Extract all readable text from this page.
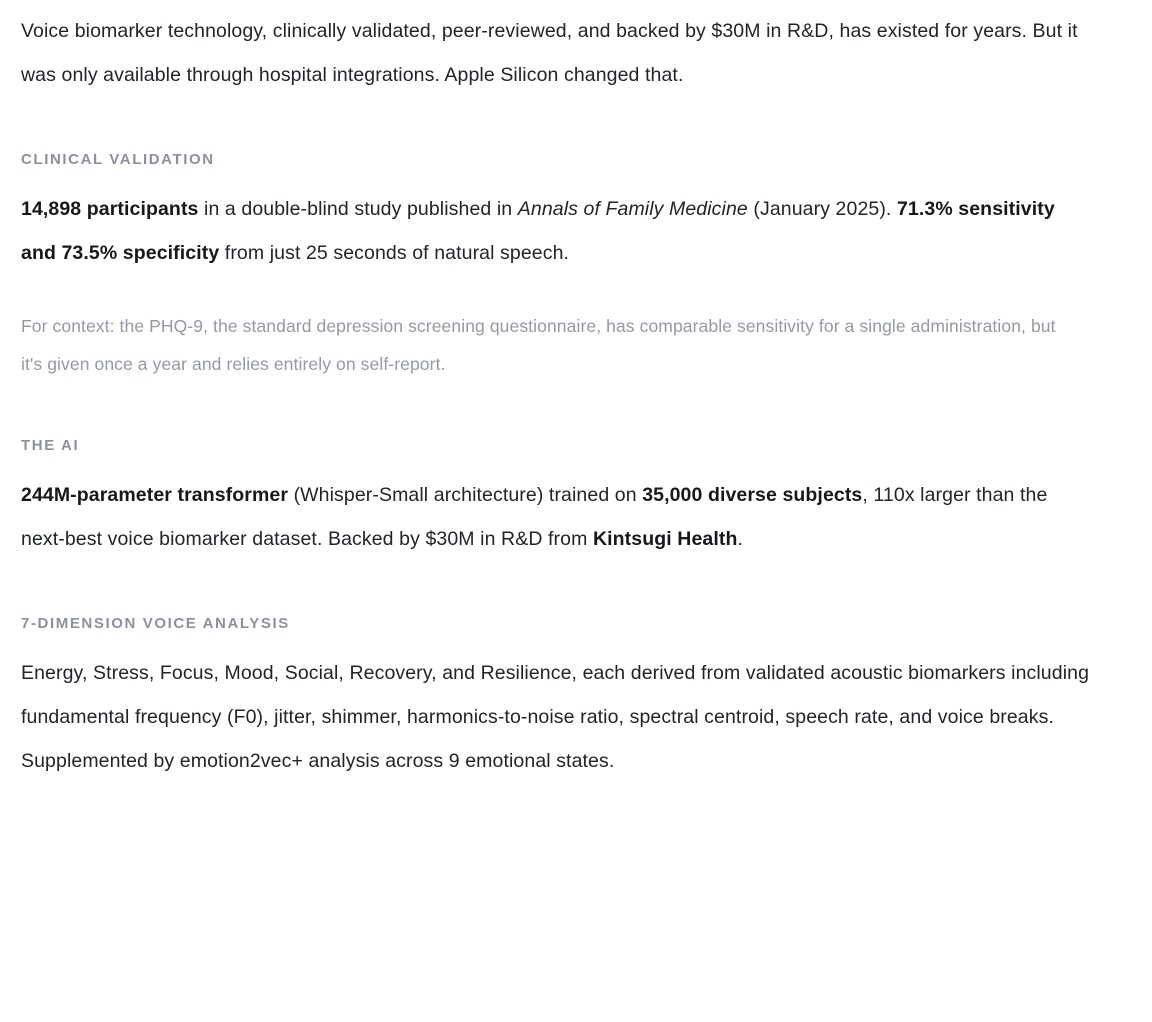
Voice biomarker technology, clinically validated, peer-reviewed, and backed by $30M in R&D, has existed for years. But it was only available through hospital integrations. Apple Silicon changed that.

CLINICAL VALIDATION

14,898 participants in a double-blind study published in Annals of Family Medicine (January 2025). 71.3% sensitivity and 73.5% specificity from just 25 seconds of natural speech.

For context: the PHQ-9, the standard depression screening questionnaire, has comparable sensitivity for a single administration, but it's given once a year and relies entirely on self-report.

THE AI

244M-parameter transformer (Whisper-Small architecture) trained on 35,000 diverse subjects, 110x larger than the next-best voice biomarker dataset. Backed by $30M in R&D from Kintsugi Health.

7-DIMENSION VOICE ANALYSIS

Energy, Stress, Focus, Mood, Social, Recovery, and Resilience, each derived from validated acoustic biomarkers including fundamental frequency (F0), jitter, shimmer, harmonics-to-noise ratio, spectral centroid, speech rate, and voice breaks. Supplemented by emotion2vec+ analysis across 9 emotional states.
